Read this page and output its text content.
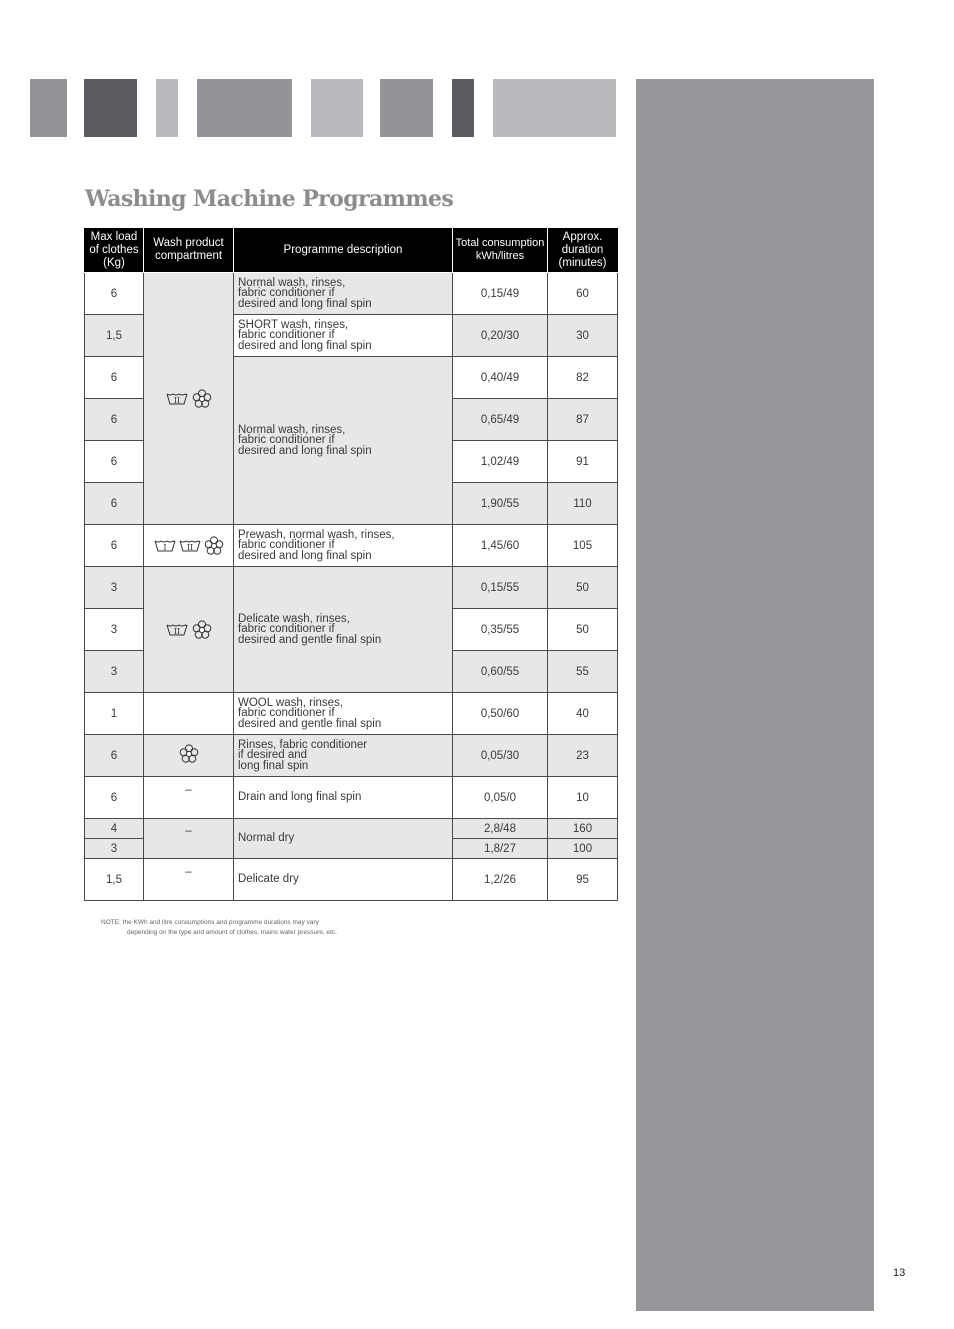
Washing Machine Programmes
Max load of clothes (Kg)	Wash product compartment	Programme description	Total consumption kWh/litres	Approx. duration (minutes)
6	II	Normal wash, rinses,
fabric conditioner if
desired and long final spin	0,15/49	60
1,5		SHORT wash, rinses,
fabric conditioner if
desired and long final spin	0,20/30	30
6		Normal wash, rinses,
fabric conditioner if
desired and long final spin	0,40/49	82
6			0,65/49	87
6			1,02/49	91
6			1,90/55	110
6	I II	Prewash, normal wash, rinses,
fabric conditioner if
desired and long final spin	1,45/60	105
3	II	Delicate wash, rinses,
fabric conditioner if
desired and gentle final spin	0,15/55	50
3			0,35/55	50
3			0,60/55	55
1		WOOL wash, rinses,
fabric conditioner if
desired and gentle final spin	0,50/60	40
6		Rinses, fabric conditioner
if desired and
long final spin	0,05/30	23
6	–	Drain and long final spin	0,05/0	10
4	–	Normal dry	2,8/48	160
3			1,8/27	100
1,5	–	Delicate dry	1,2/26	95

NOTE: the KWh and litre consumptions and programme durations may vary
depending on the type and amount of clothes, mains water pressure, etc.

13
